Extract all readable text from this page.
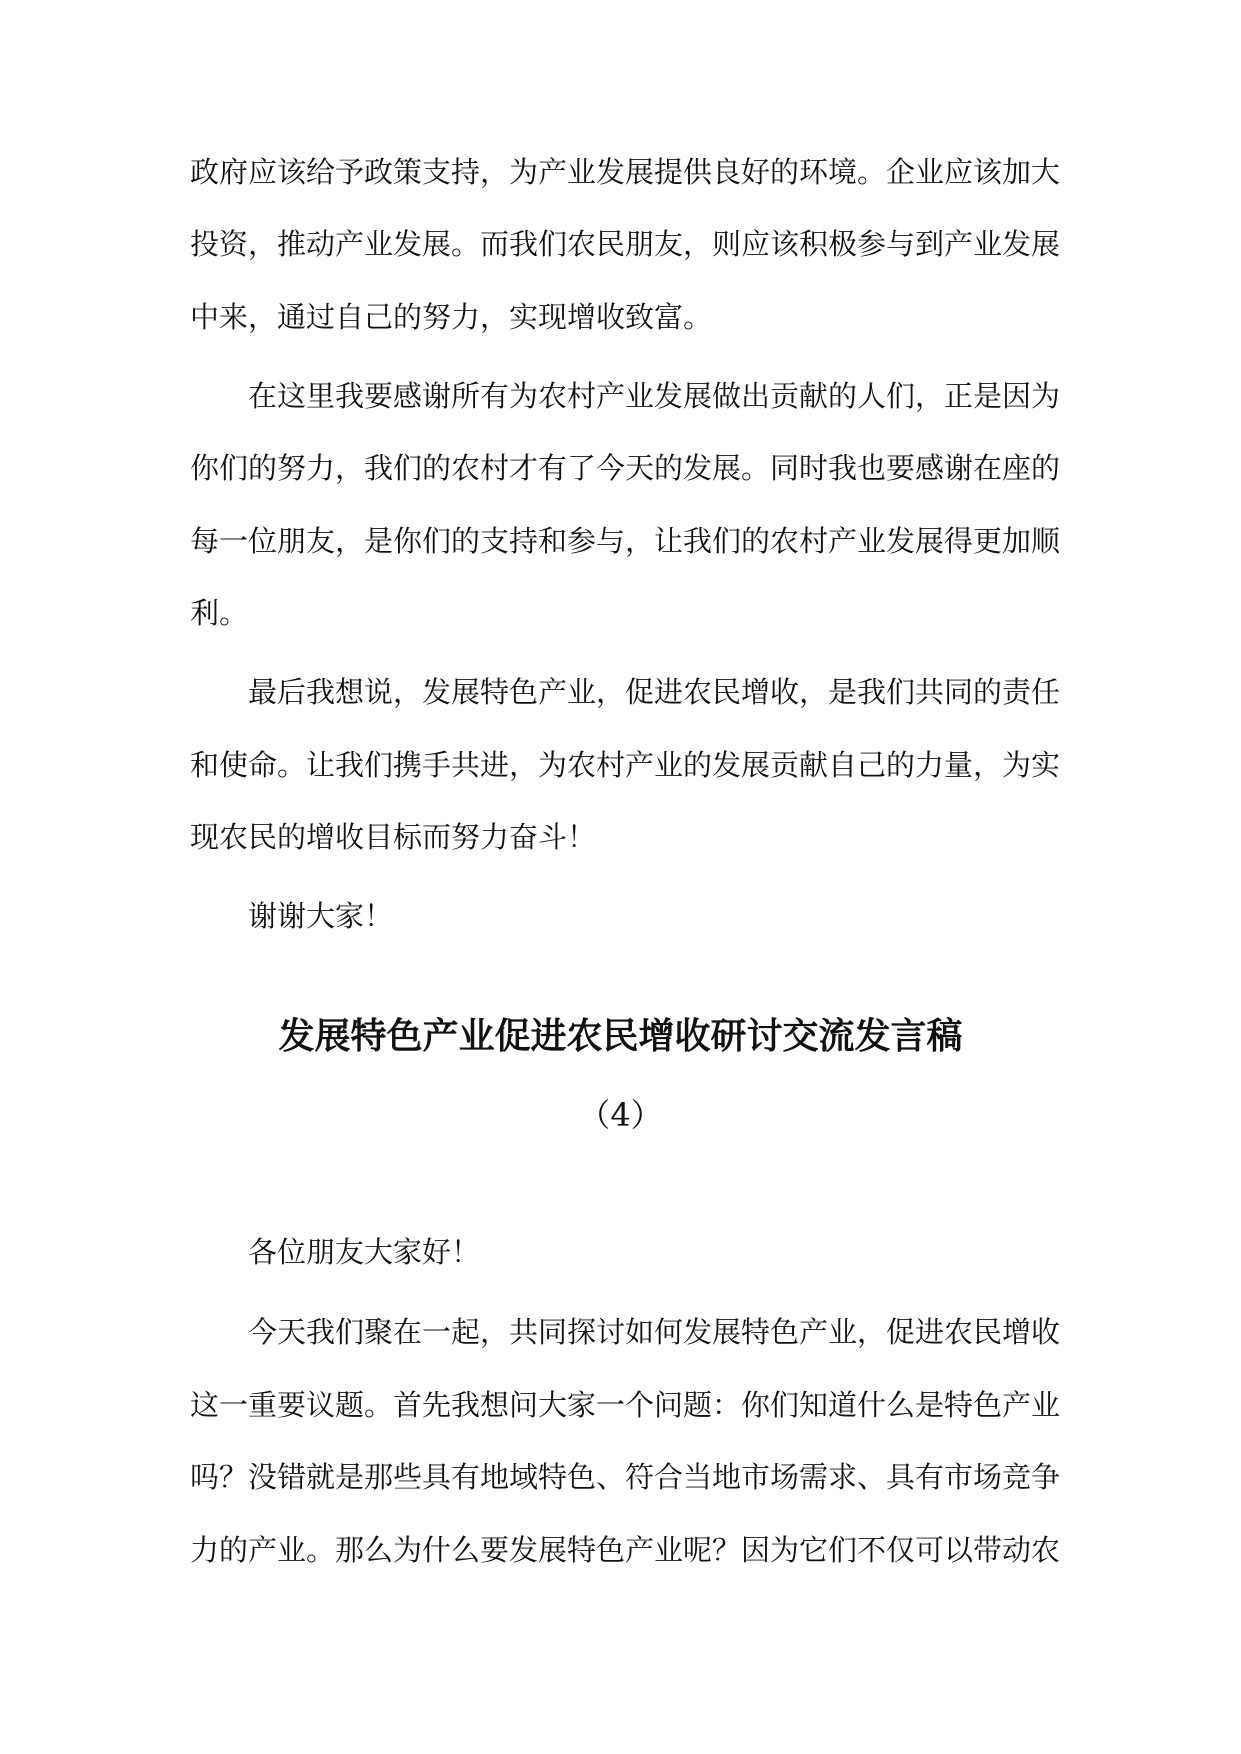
政府应该给予政策支持，为产业发展提供良好的环境。企业应该加大
投资，推动产业发展。而我们农民朋友，则应该积极参与到产业发展
中来，通过自己的努力，实现增收致富。
在这里我要感谢所有为农村产业发展做出贡献的人们，正是因为
你们的努力，我们的农村才有了今天的发展。同时我也要感谢在座的
每一位朋友，是你们的支持和参与，让我们的农村产业发展得更加顺
利。
最后我想说，发展特色产业，促进农民增收，是我们共同的责任
和使命。让我们携手共进，为农村产业的发展贡献自己的力量，为实
现农民的增收目标而努力奋斗！
谢谢大家！
发展特色产业促进农民增收研讨交流发言稿
（4）
各位朋友大家好！
今天我们聚在一起，共同探讨如何发展特色产业，促进农民增收
这一重要议题。首先我想问大家一个问题：你们知道什么是特色产业
吗？没错就是那些具有地域特色、符合当地市场需求、具有市场竞争
力的产业。那么为什么要发展特色产业呢？因为它们不仅可以带动农
